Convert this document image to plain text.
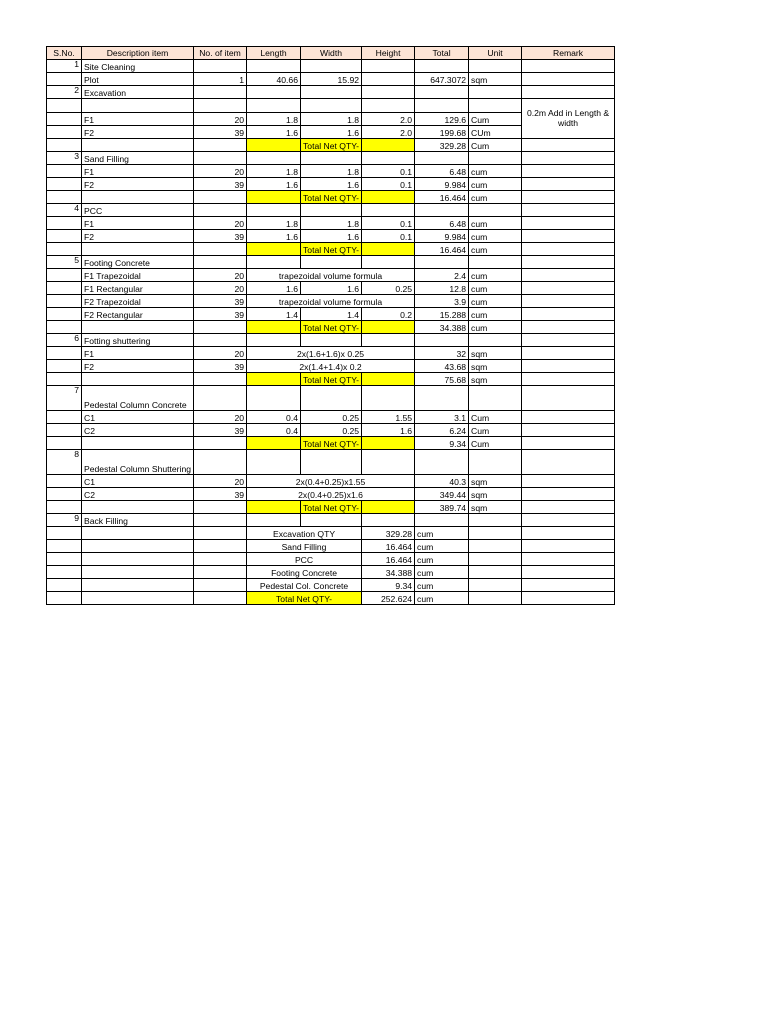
S.No.	Description item	No. of item	Length	Width	Height	Total	Unit	Remark
1	Site Cleaning							
	Plot	1	40.66	15.92		647.3072	sqm	
2	Excavation							
								0.2m Add in Length & width
	F1	20	1.8	1.8	2.0	129.6	Cum	
	F2	39	1.6	1.6	2.0	199.68	CUm	
				Total Net QTY-		329.28	Cum	
3	Sand Filling							
	F1	20	1.8	1.8	0.1	6.48	cum	
	F2	39	1.6	1.6	0.1	9.984	cum	
				Total Net QTY-		16.464	cum	
4	PCC							
	F1	20	1.8	1.8	0.1	6.48	cum	
	F2	39	1.6	1.6	0.1	9.984	cum	
				Total Net QTY-		16.464	cum	
5	Footing Concrete							
	F1 Trapezoidal	20	trapezoidal volume formula			2.4	cum	
	F1 Rectangular	20	1.6	1.6	0.25	12.8	cum	
	F2 Trapezoidal	39	trapezoidal volume formula			3.9	cum	
	F2 Rectangular	39	1.4	1.4	0.2	15.288	cum	
				Total Net QTY-		34.388	cum	
6	Fotting shuttering							
	F1	20	2x(1.6+1.6)x 0.25			32	sqm	
	F2	39	2x(1.4+1.4)x 0.2			43.68	sqm	
				Total Net QTY-		75.68	sqm	
7	Pedestal Column Concrete							
	C1	20	0.4	0.25	1.55	3.1	Cum	
	C2	39	0.4	0.25	1.6	6.24	Cum	
				Total Net QTY-		9.34	Cum	
8	Pedestal Column Shuttering							
	C1	20	2x(0.4+0.25)x1.55			40.3	sqm	
	C2	39	2x(0.4+0.25)x1.6			349.44	sqm	
				Total Net QTY-		389.74	sqm	
9	Back Filling							
			Excavation QTY		329.28	cum		
			Sand Filling		16.464	cum		
			PCC		16.464	cum		
			Footing Concrete		34.388	cum		
			Pedestal Col. Concrete		9.34	cum		
			Total Net QTY-		252.624	cum		
